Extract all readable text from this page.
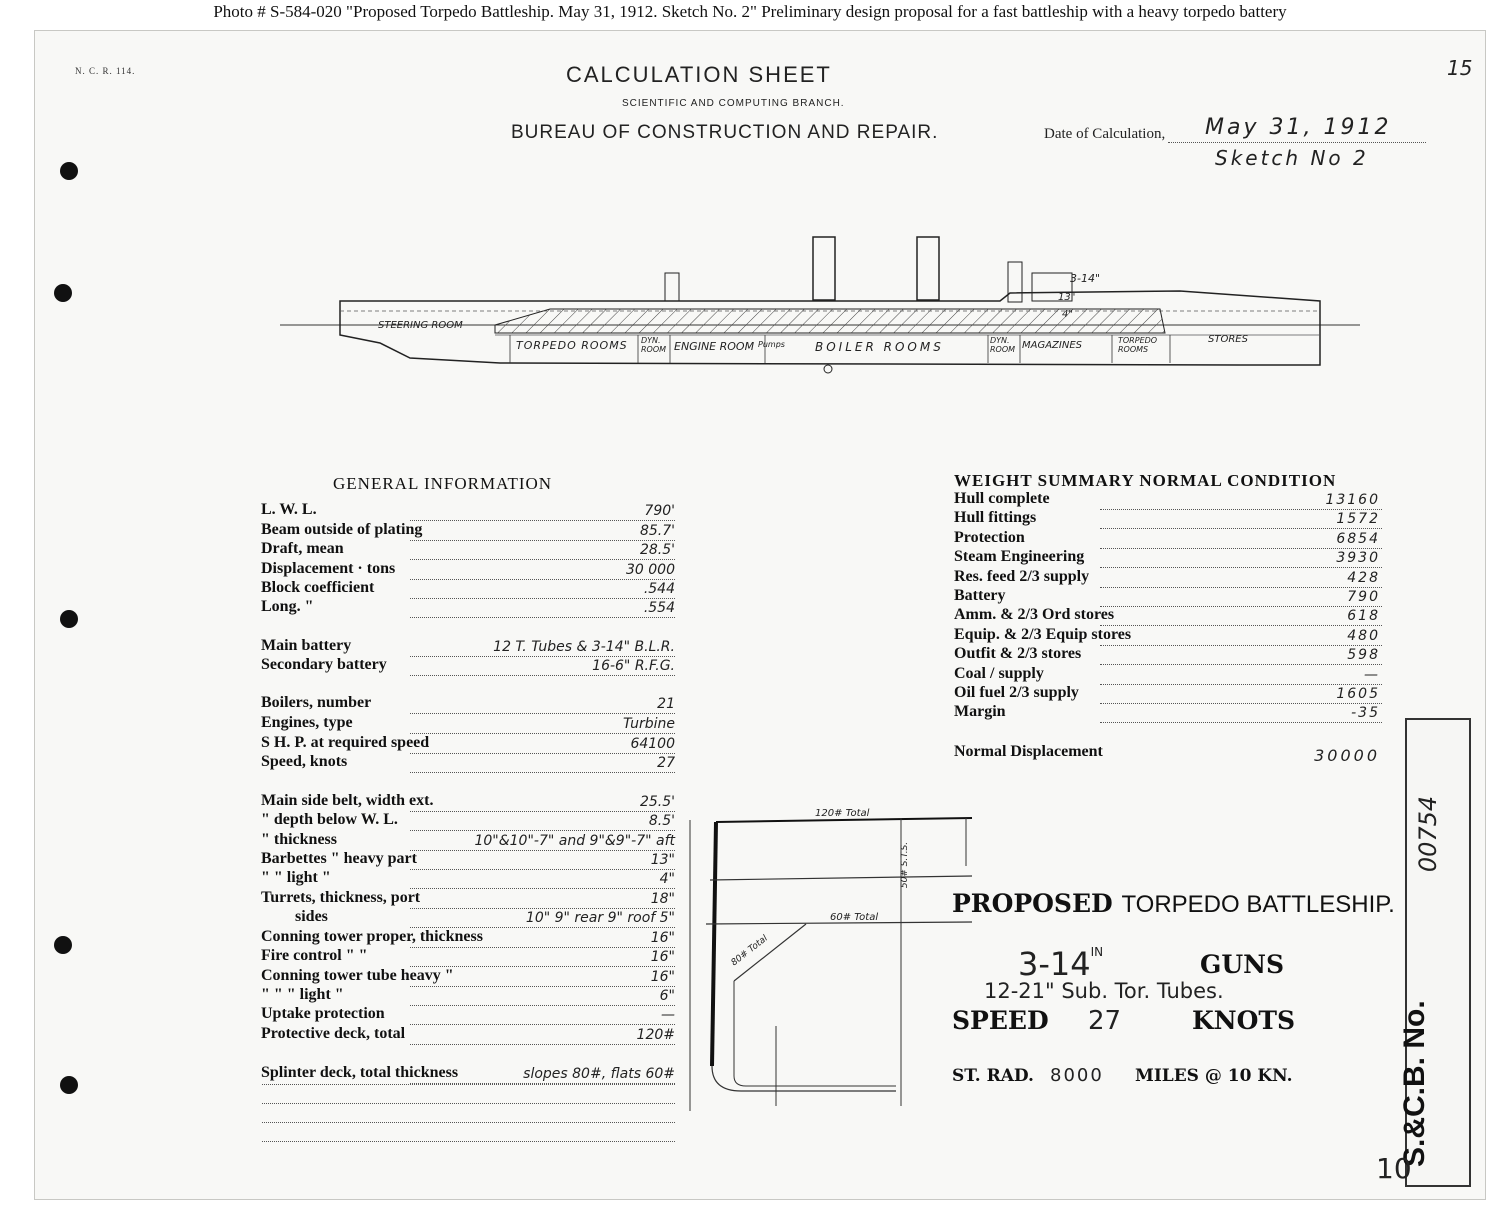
Photo # S-584-020 "Proposed Torpedo Battleship. May 31, 1912. Sketch No. 2" Preliminary design proposal for a fast battleship with a heavy torpedo battery
N. C. R. 114.	CALCULATION SHEET
SCIENTIFIC AND COMPUTING BRANCH.
BUREAU OF CONSTRUCTION AND REPAIR.	Date of Calculation, May 31, 1912
Sketch No 2
15
STEERING ROOM
TORPEDO ROOMS DYN. ROOM ENGINE ROOM Pumps	BOILER ROOMS	DYN. ROOM MAGAZINES	TORPEDO ROOMS
STORES
3-14"
13"
4"
GENERAL INFORMATION
L. W. L.	790'
Beam outside of plating	85.7'
Draft, mean	28.5'
Displacement · tons	30 000
Block coefficient	.544
Long. "	.554
Main battery	12 T. Tubes & 3-14" B.L.R.
Secondary battery	16-6" R.F.G.
Boilers, number	21
Engines, type	Turbine
S H. P. at required speed	64100
Speed, knots	27
Main side belt, width ext.	25.5'
" depth below W. L.	8.5'
" thickness	10"&10"-7" and 9"&9"-7" aft
Barbettes " heavy part	13"
" " light "	4"
Turrets, thickness, port	18"
sides	10" 9" rear 9" roof 5"
Conning tower proper, thickness	16"
Fire control " "	16"
Conning tower tube heavy "	16"
" " " light "	6"
Uptake protection	—
Protective deck, total	120#
Splinter deck, total thickness	slopes 80#, flats 60#
WEIGHT SUMMARY NORMAL CONDITION
Hull complete	13160
Hull fittings	1572
Protection	6854
Steam Engineering	3930
Res. feed 2/3 supply	428
Battery	790
Amm. & 2/3 Ord stores	618
Equip. & 2/3 Equip stores	480
Outfit & 2/3 stores	598
Coal / supply	—
Oil fuel 2/3 supply	1605
Margin	-35
Normal Displacement	30000
120# Total
60# Total
80# Total
50# S.T.S.
PROPOSED TORPEDO BATTLESHIP.
$3-14^{IN}$	GUNS
12-21" Sub. Tor. Tubes.
SPEED 27	KNOTS
ST. RAD. 8000 MILES @ 10 KN.	S.&C.B. No.
00754
10
